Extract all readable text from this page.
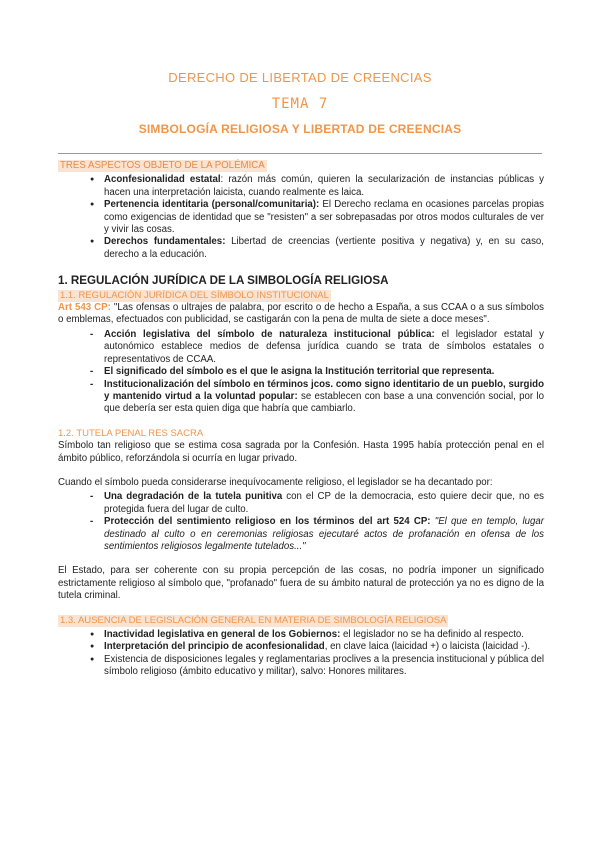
DERECHO DE LIBERTAD DE CREENCIAS
TEMA 7
SIMBOLOGÍA RELIGIOSA Y LIBERTAD DE CREENCIAS
TRES ASPECTOS OBJETO DE LA POLÉMICA
● Aconfesionalidad estatal: razón más común, quieren la secularización de instancias públicas y hacen una interpretación laicista, cuando realmente es laica.
● Pertenencia identitaria (personal/comunitaria): El Derecho reclama en ocasiones parcelas propias como exigencias de identidad que se "resisten" a ser sobrepasadas por otros modos culturales de ver y vivir las cosas.
● Derechos fundamentales: Libertad de creencias (vertiente positiva y negativa) y, en su caso, derecho a la educación.
1. REGULACIÓN JURÍDICA DE LA SIMBOLOGÍA RELIGIOSA
1.1. REGULACIÓN JURÍDICA DEL SÍMBOLO INSTITUCIONAL

Art 543 CP: "Las ofensas o ultrajes de palabra, por escrito o de hecho a España, a sus CCAA o a sus símbolos o emblemas, efectuados con publicidad, se castigarán con la pena de multa de siete a doce meses".

- Acción legislativa del símbolo de naturaleza institucional pública: el legislador estatal y autonómico establece medios de defensa jurídica cuando se trata de símbolos estatales o representativos de CCAA.
- El significado del símbolo es el que le asigna la Institución territorial que representa.
- Institucionalización del símbolo en términos jcos. como signo identitario de un pueblo, surgido y mantenido virtud a la voluntad popular: se establecen con base a una convención social, por lo que debería ser esta quien diga que habría que cambiarlo.
1.2. TUTELA PENAL RES SACRA

Símbolo tan religioso que se estima cosa sagrada por la Confesión. Hasta 1995 había protección penal en el ámbito público, reforzándola si ocurría en lugar privado.

Cuando el símbolo pueda considerarse inequívocamente religioso, el legislador se ha decantado por:

- Una degradación de la tutela punitiva con el CP de la democracia, esto quiere decir que, no es protegida fuera del lugar de culto.
- Protección del sentimiento religioso en los términos del art 524 CP: "El que en templo, lugar destinado al culto o en ceremonias religiosas ejecutaré actos de profanación en ofensa de los sentimientos religiosos legalmente tutelados..."

El Estado, para ser coherente con su propia percepción de las cosas, no podría imponer un significado estrictamente religioso al símbolo que, "profanado" fuera de su ámbito natural de protección ya no es digno de la tutela criminal.

1.3. AUSENCIA DE LEGISLACIÓN GENERAL EN MATERIA DE SIMBOLOGÍA RELIGIOSA
● Inactividad legislativa en general de los Gobiernos: el legislador no se ha definido al respecto.
● Interpretación del principio de aconfesionalidad, en clave laica (laicidad +) o laicista (laicidad -).
● Existencia de disposiciones legales y reglamentarias proclives a la presencia institucional y pública del símbolo religioso (ámbito educativo y militar), salvo: Honores militares.
